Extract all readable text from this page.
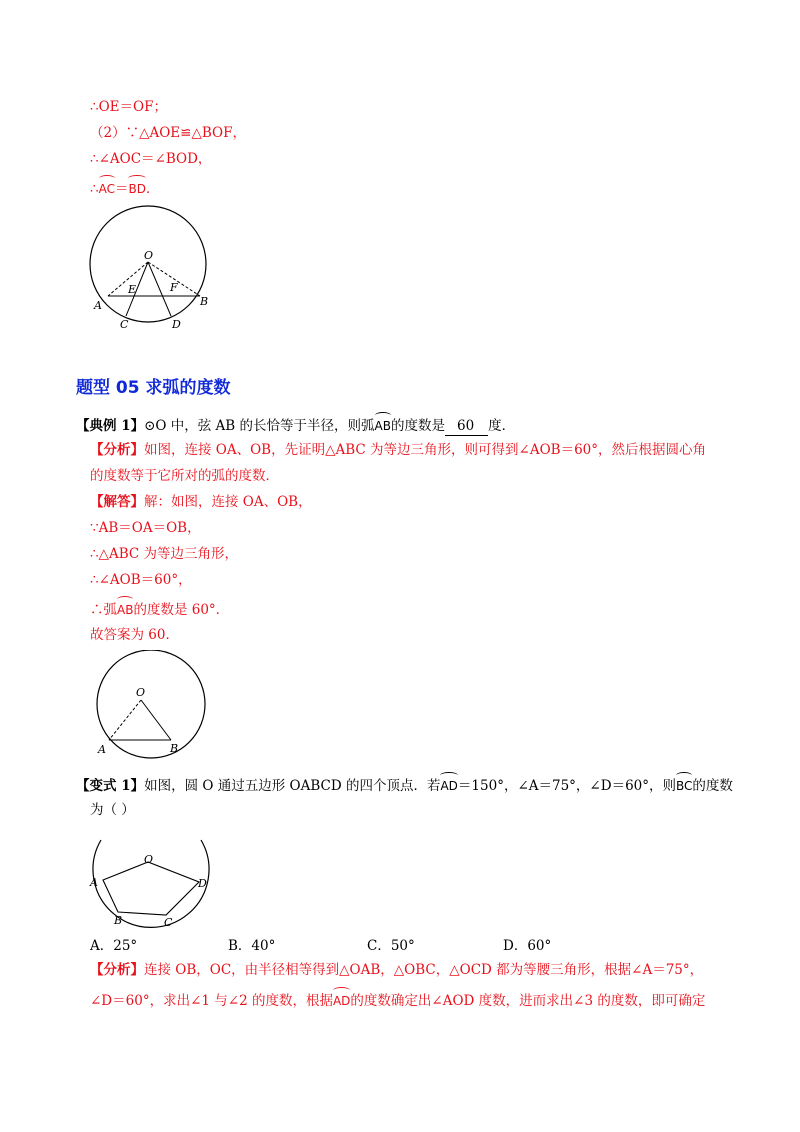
∴OE＝OF；
（2）∵△AOE≌△BOF，
∴∠AOC＝∠BOD，
∴AC＝BD．
O
E	F
A	B
C	D
题型 05 求弧的度数
【典例 1】⊙O 中，弦 AB 的长恰等于半径，则弧AB的度数是 60 度．
【分析】如图，连接 OA、OB，先证明△ABC 为等边三角形，则可得到∠AOB＝60°，然后根据圆心角
的度数等于它所对的弧的度数．
【解答】解：如图，连接 OA、OB，
∵AB＝OA＝OB，
∴△ABC 为等边三角形，
∴∠AOB＝60°，
∴弧AB的度数是 60°．
故答案为 60．
O
A	B
【变式 1】如图，圆 O 通过五边形 OABCD 的四个顶点．若AD＝150°，∠A＝75°，∠D＝60°，则BC的度数
为（ ）
O
A	D
B	C
A．25°	B．40°	C．50°	D．60°
【分析】连接 OB，OC，由半径相等得到△OAB，△OBC，△OCD 都为等腰三角形，根据∠A＝75°，
∠D＝60°，求出∠1 与∠2 的度数，根据AD的度数确定出∠AOD 度数，进而求出∠3 的度数，即可确定
